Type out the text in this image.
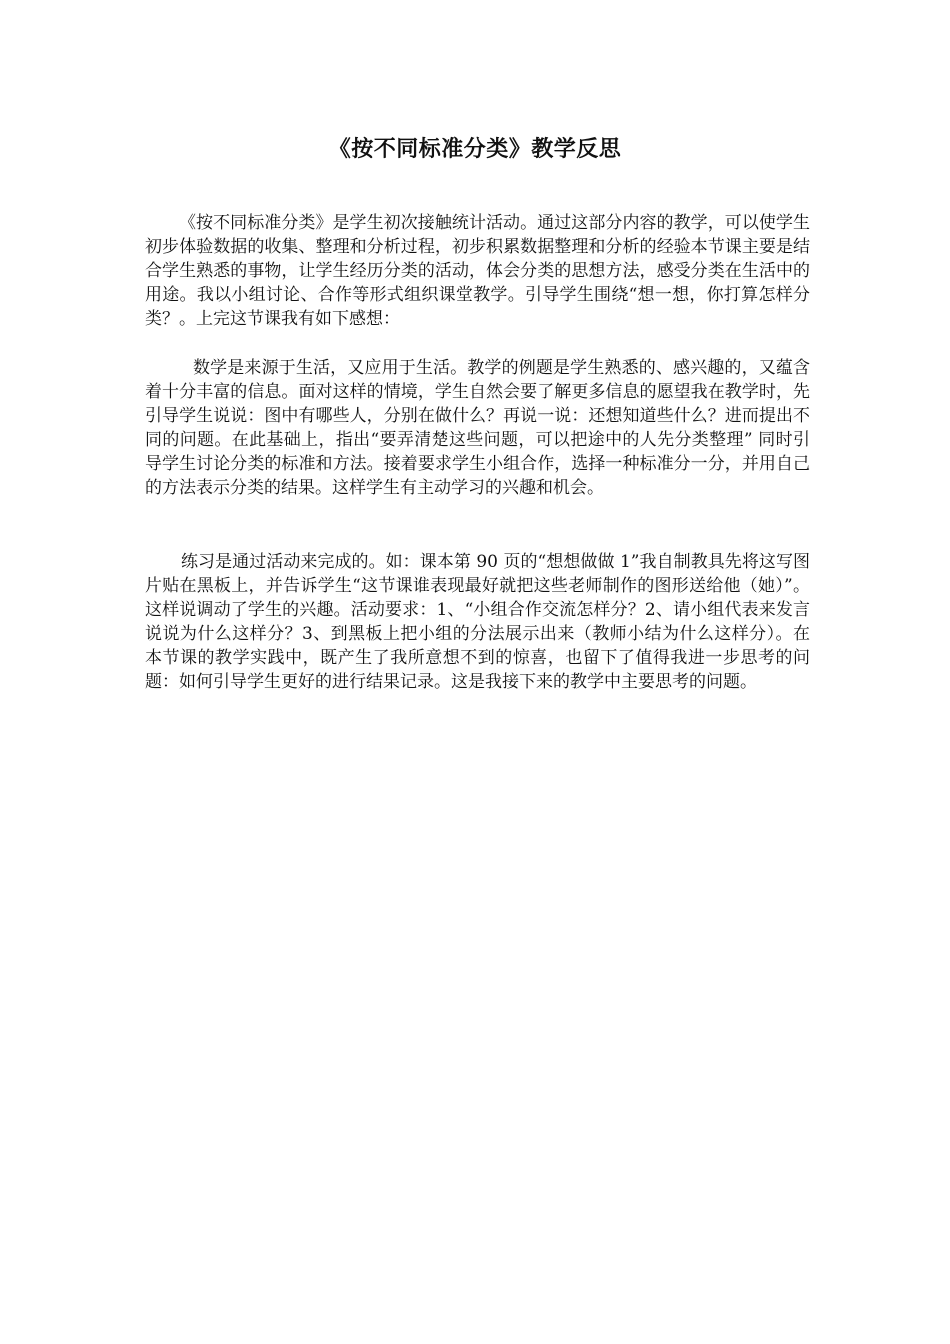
《按不同标准分类》教学反思

《按不同标准分类》是学生初次接触统计活动。通过这部分内容的教学，可以使学生初步体验数据的收集、整理和分析过程，初步积累数据整理和分析的经验本节课主要是结合学生熟悉的事物，让学生经历分类的活动，体会分类的思想方法，感受分类在生活中的用途。我以小组讨论、合作等形式组织课堂教学。引导学生围绕“想一想，你打算怎样分类？。上完这节课我有如下感想：

数学是来源于生活，又应用于生活。教学的例题是学生熟悉的、感兴趣的，又蕴含着十分丰富的信息。面对这样的情境，学生自然会要了解更多信息的愿望我在教学时，先引导学生说说：图中有哪些人，分别在做什么？再说一说：还想知道些什么？进而提出不同的问题。在此基础上，指出“要弄清楚这些问题，可以把途中的人先分类整理” 同时引导学生讨论分类的标准和方法。接着要求学生小组合作，选择一种标准分一分，并用自己的方法表示分类的结果。这样学生有主动学习的兴趣和机会。

练习是通过活动来完成的。如：课本第 90 页的“想想做做 1”我自制教具先将这写图片贴在黑板上，并告诉学生“这节课谁表现最好就把这些老师制作的图形送给他（她）”。这样说调动了学生的兴趣。活动要求：1、“小组合作交流怎样分？2、请小组代表来发言说说为什么这样分？3、到黑板上把小组的分法展示出来（教师小结为什么这样分）。在本节课的教学实践中，既产生了我所意想不到的惊喜，也留下了值得我进一步思考的问题：如何引导学生更好的进行结果记录。这是我接下来的教学中主要思考的问题。
